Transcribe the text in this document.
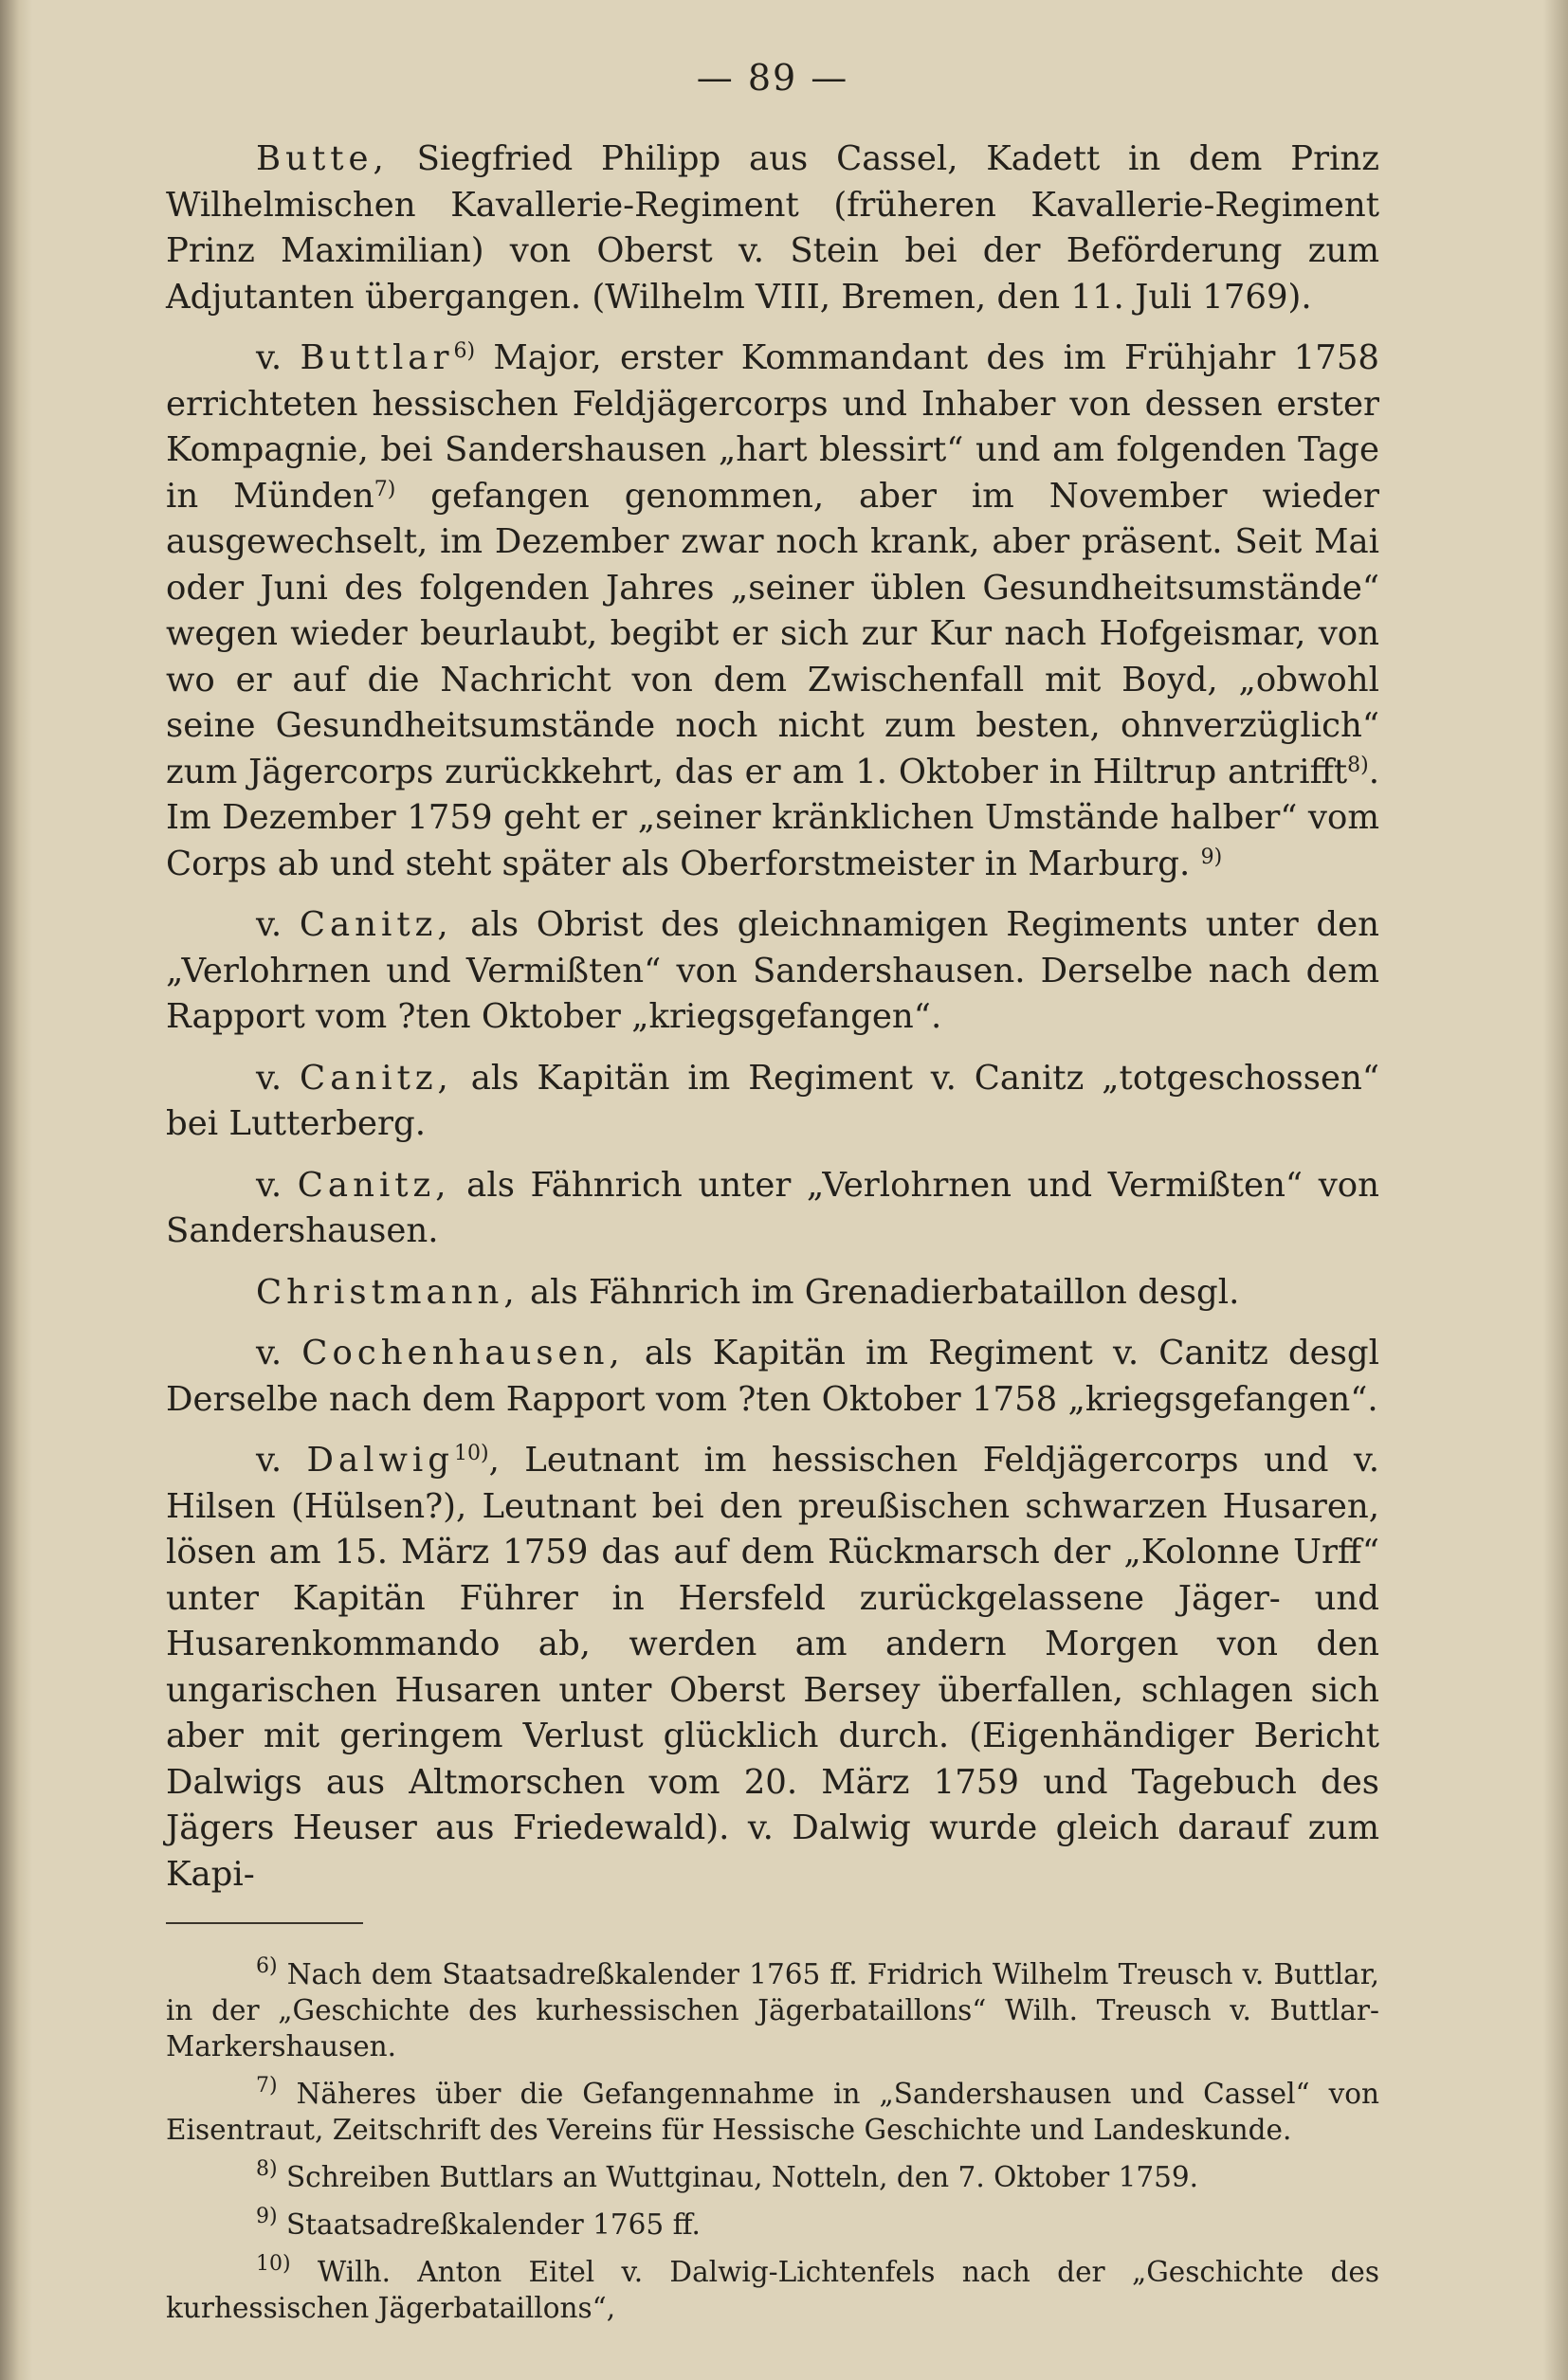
— 89 —

Butte, Siegfried Philipp aus Cassel, Kadett in dem Prinz Wilhelmischen Kavallerie-Regiment (früheren Kavallerie-Regiment Prinz Maximilian) von Oberst v. Stein bei der Beförderung zum Adjutanten übergangen. (Wilhelm VIII, Bremen, den 11. Juli 1769).

v. Buttlar$^{6)}$ Major, erster Kommandant des im Frühjahr 1758 errichteten hessischen Feldjägercorps und Inhaber von dessen erster Kompagnie, bei Sandershausen „hart blessirt“ und am folgenden Tage in Münden$^{7)}$ gefangen genommen, aber im November wieder ausgewechselt, im Dezember zwar noch krank, aber präsent. Seit Mai oder Juni des folgenden Jahres „seiner üblen Gesundheitsumstände“ wegen wieder beurlaubt, begibt er sich zur Kur nach Hofgeismar, von wo er auf die Nachricht von dem Zwischenfall mit Boyd, „obwohl seine Gesundheitsumstände noch nicht zum besten, ohnverzüglich“ zum Jägercorps zurückkehrt, das er am 1. Oktober in Hiltrup antrifft$^{8)}$. Im Dezember 1759 geht er „seiner kränklichen Umstände halber“ vom Corps ab und steht später als Oberforstmeister in Marburg. $^{9)}$

v. Canitz, als Obrist des gleichnamigen Regiments unter den „Verlohrnen und Vermißten“ von Sandershausen. Derselbe nach dem Rapport vom ?ten Oktober „kriegsgefangen“.

v. Canitz, als Kapitän im Regiment v. Canitz „totgeschossen“ bei Lutterberg.

v. Canitz, als Fähnrich unter „Verlohrnen und Vermißten“ von Sandershausen.

Christmann, als Fähnrich im Grenadierbataillon desgl.

v. Cochenhausen, als Kapitän im Regiment v. Canitz desgl Derselbe nach dem Rapport vom ?ten Oktober 1758 „kriegsgefangen“.

v. Dalwig$^{10)}$, Leutnant im hessischen Feldjägercorps und v. Hilsen (Hülsen?), Leutnant bei den preußischen schwarzen Husaren, lösen am 15. März 1759 das auf dem Rückmarsch der „Kolonne Urff“ unter Kapitän Führer in Hersfeld zurückgelassene Jäger- und Husarenkommando ab, werden am andern Morgen von den ungarischen Husaren unter Oberst Bersey überfallen, schlagen sich aber mit geringem Verlust glücklich durch. (Eigenhändiger Bericht Dalwigs aus Altmorschen vom 20. März 1759 und Tagebuch des Jägers Heuser aus Friedewald). v. Dalwig wurde gleich darauf zum Kapi-

$^{6)}$ Nach dem Staatsadreßkalender 1765 ff. Fridrich Wilhelm Treusch v. Buttlar, in der „Geschichte des kurhessischen Jägerbataillons“ Wilh. Treusch v. Buttlar-Markershausen.

$^{7)}$ Näheres über die Gefangennahme in „Sandershausen und Cassel“ von Eisentraut, Zeitschrift des Vereins für Hessische Geschichte und Landeskunde.

$^{8)}$ Schreiben Buttlars an Wuttginau, Notteln, den 7. Oktober 1759.

$^{9)}$ Staatsadreßkalender 1765 ff.

$^{10)}$ Wilh. Anton Eitel v. Dalwig-Lichtenfels nach der „Geschichte des kurhessischen Jägerbataillons“,
